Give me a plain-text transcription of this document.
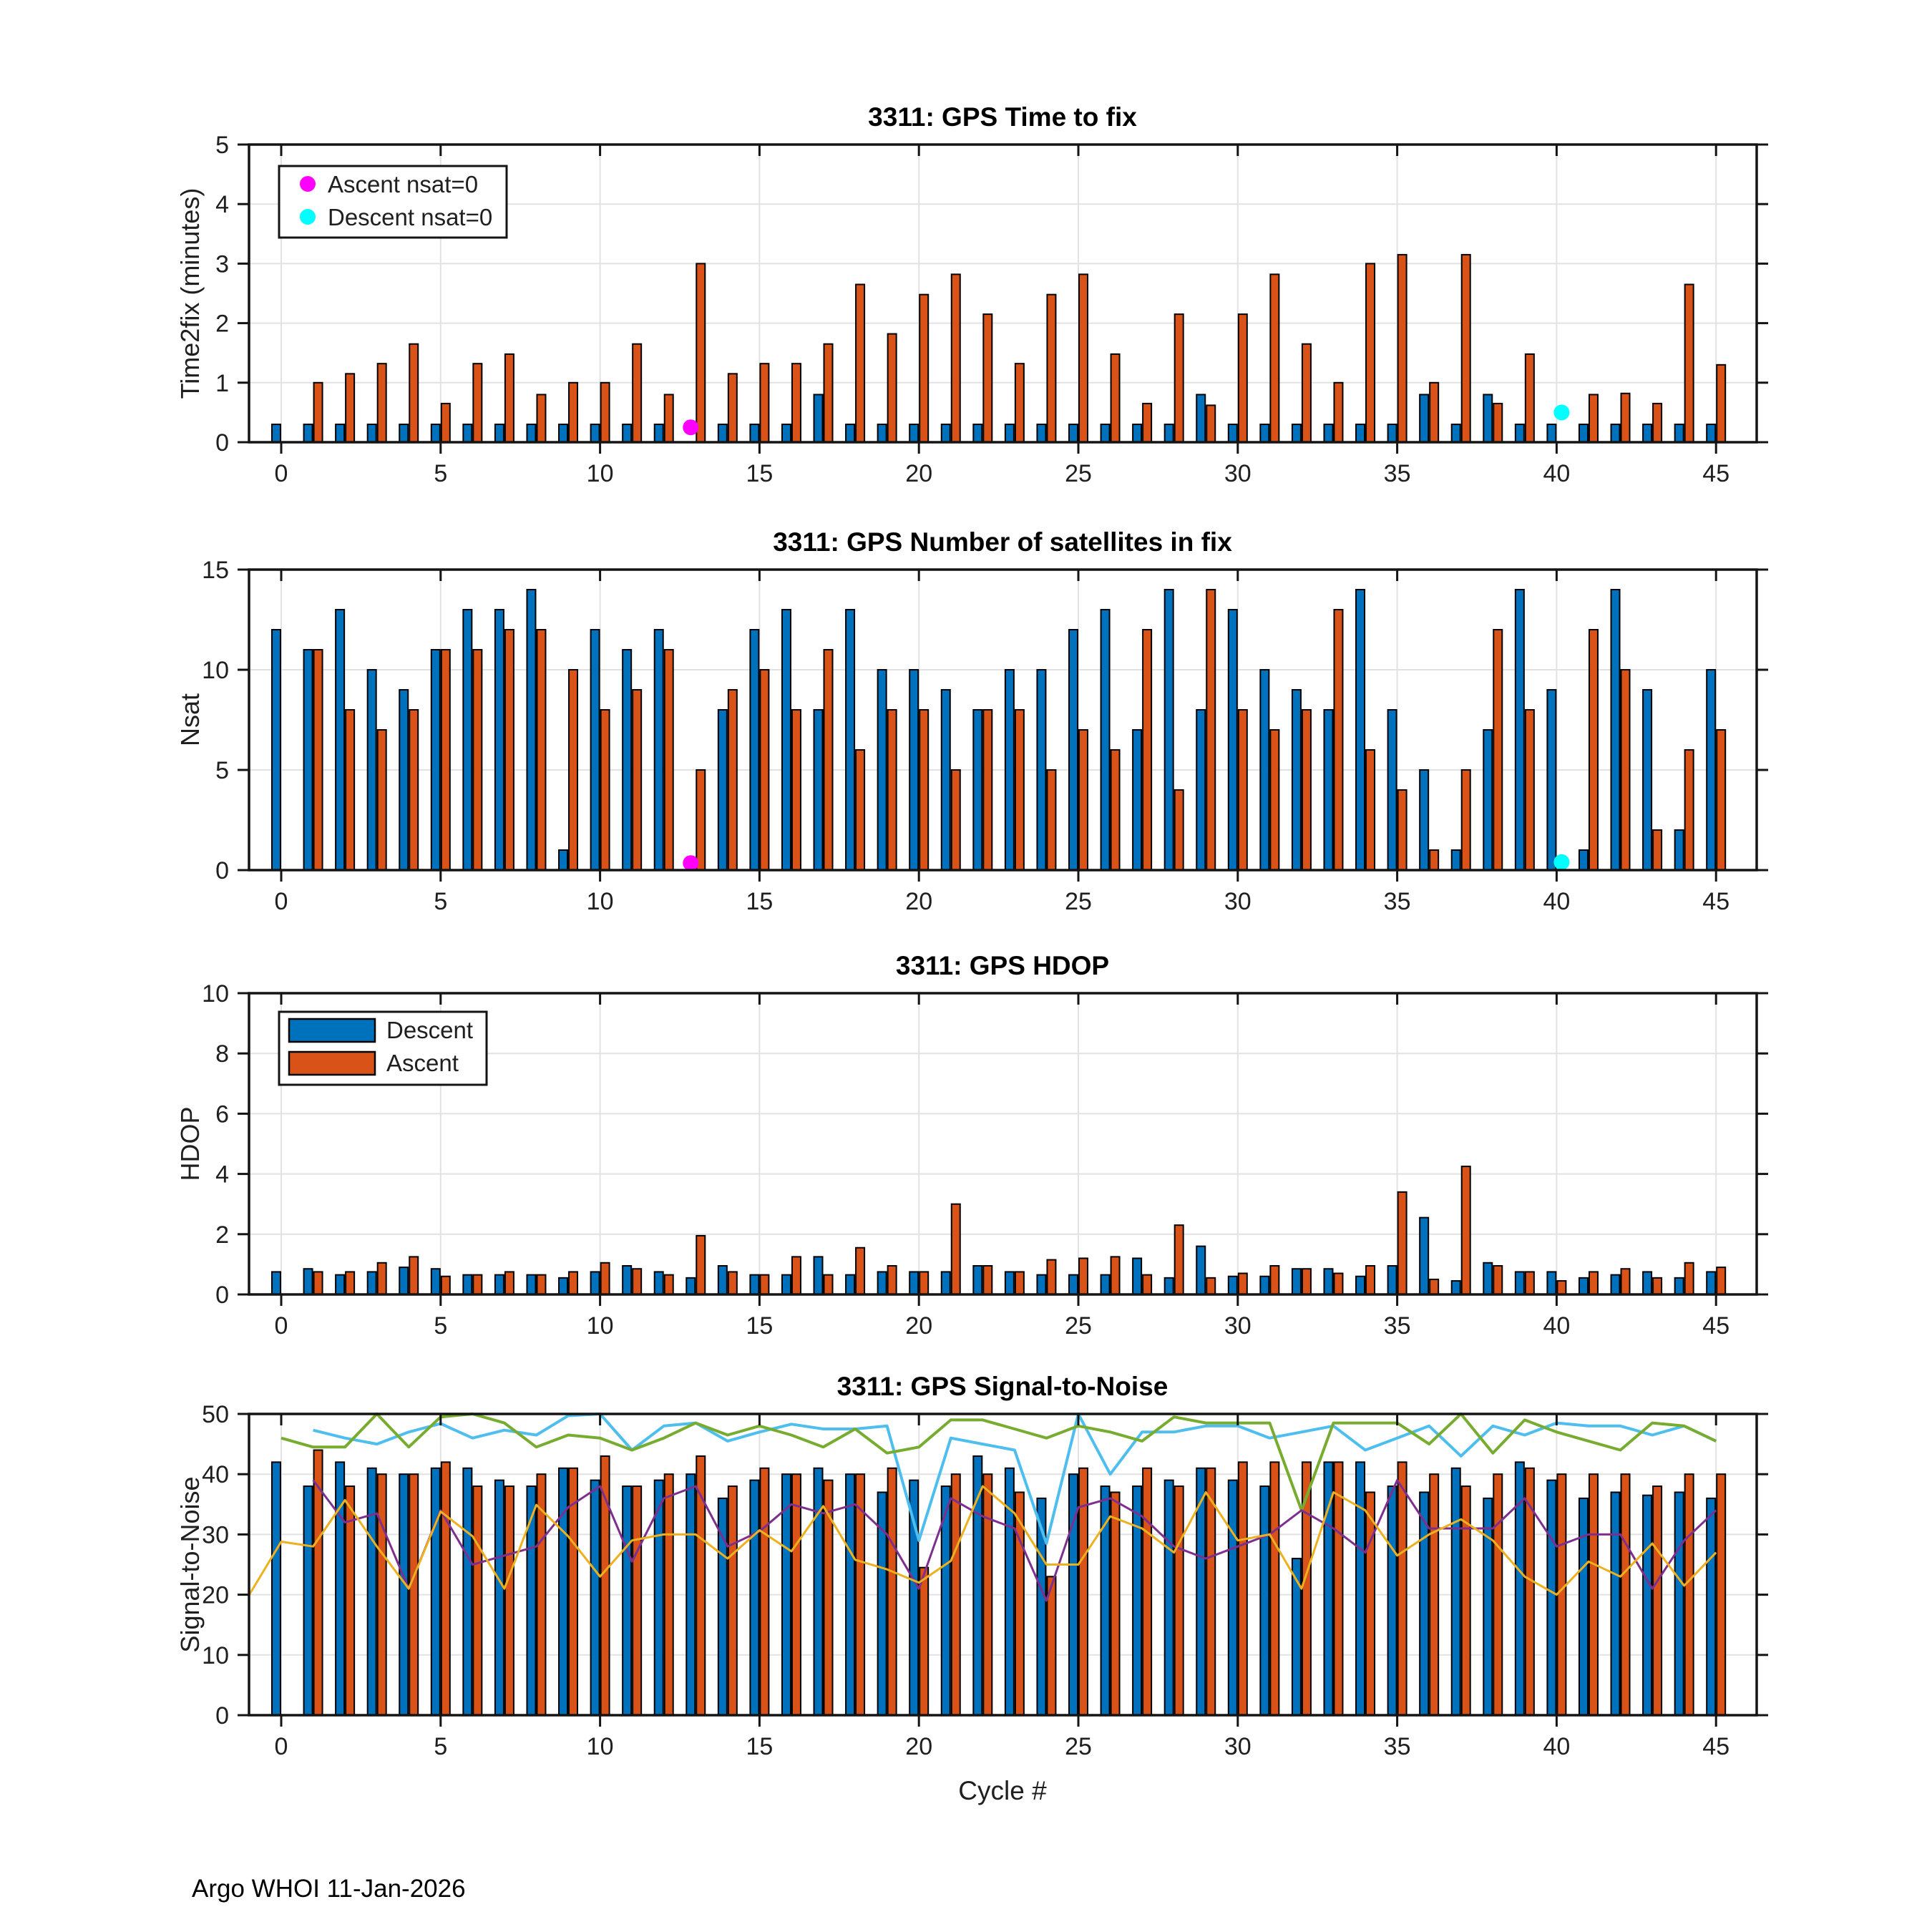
0	5	10	15	20	25	30	35	40	45
0
1
2
3
4
5
3311: GPS Time to fix
Time2fix (minutes)
Ascent nsat=0
Descent nsat=0
0	5	10	15	20	25	30	35	40	45
0
5
10
15
3311: GPS Number of satellites in fix
Nsat
0	5	10	15	20	25	30	35	40	45
0
2
4
6
8
10
3311: GPS HDOP
HDOP
Descent
Ascent
0	5	10	15	20	25	30	35	40	45
0
10
20
30
40
50
3311: GPS Signal-to-Noise
Signal-to-Noise
Cycle #
Argo WHOI 11-Jan-2026
